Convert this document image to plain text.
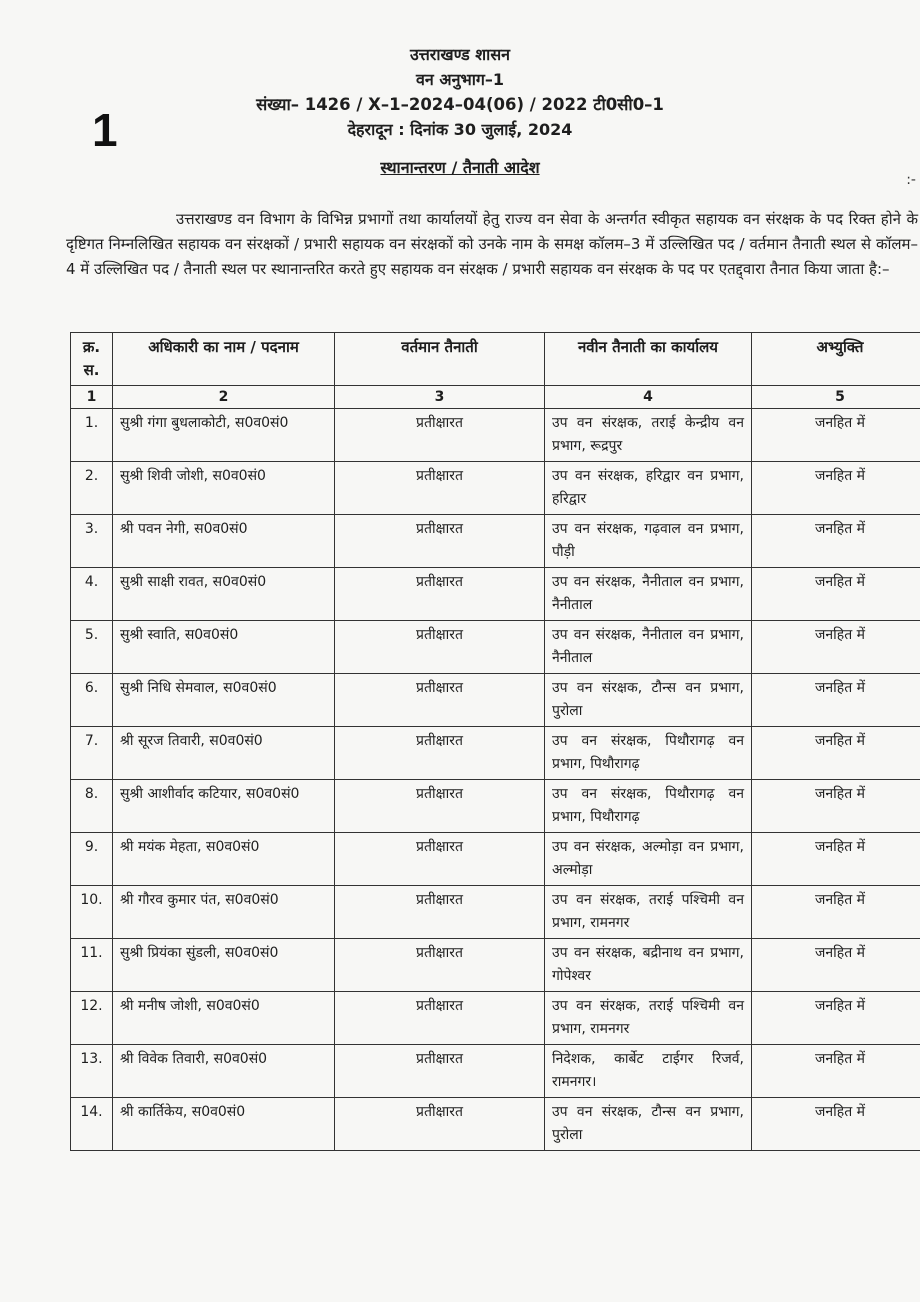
1
उत्तराखण्ड शासन
वन अनुभाग–1
संख्या– 1426 / X–1–2024–04(06) / 2022 टी0सी0–1
देहरादून : दिनांक 30 जुलाई, 2024
स्थानान्तरण / तैनाती आदेश
:-

उत्तराखण्ड वन विभाग के विभिन्न प्रभागों तथा कार्यालयों हेतु राज्य वन सेवा के अन्तर्गत स्वीकृत सहायक वन संरक्षक के पद रिक्त होने के दृष्टिगत निम्नलिखित सहायक वन संरक्षकों / प्रभारी सहायक वन संरक्षकों को उनके नाम के समक्ष कॉलम–3 में उल्लिखित पद / वर्तमान तैनाती स्थल से कॉलम–4 में उल्लिखित पद / तैनाती स्थल पर स्थानान्तरित करते हुए सहायक वन संरक्षक / प्रभारी सहायक वन संरक्षक के पद पर एतद्द्वारा तैनात किया जाता है:–

क्र. स.	अधिकारी का नाम / पदनाम	वर्तमान तैनाती	नवीन तैनाती का कार्यालय	अभ्युक्ति
1	2	3	4	5
1.	सुश्री गंगा बुधलाकोटी, स0व0सं0	प्रतीक्षारत	उप वन संरक्षक, तराई केन्द्रीय वन प्रभाग, रूद्रपुर	जनहित में
2.	सुश्री शिवी जोशी, स0व0सं0	प्रतीक्षारत	उप वन संरक्षक, हरिद्वार वन प्रभाग, हरिद्वार	जनहित में
3.	श्री पवन नेगी, स0व0सं0	प्रतीक्षारत	उप वन संरक्षक, गढ़वाल वन प्रभाग, पौड़ी	जनहित में
4.	सुश्री साक्षी रावत, स0व0सं0	प्रतीक्षारत	उप वन संरक्षक, नैनीताल वन प्रभाग, नैनीताल	जनहित में
5.	सुश्री स्वाति, स0व0सं0	प्रतीक्षारत	उप वन संरक्षक, नैनीताल वन प्रभाग, नैनीताल	जनहित में
6.	सुश्री निधि सेमवाल, स0व0सं0	प्रतीक्षारत	उप वन संरक्षक, टौन्स वन प्रभाग, पुरोला	जनहित में
7.	श्री सूरज तिवारी, स0व0सं0	प्रतीक्षारत	उप वन संरक्षक, पिथौरागढ़ वन प्रभाग, पिथौरागढ़	जनहित में
8.	सुश्री आशीर्वाद कटियार, स0व0सं0	प्रतीक्षारत	उप वन संरक्षक, पिथौरागढ़ वन प्रभाग, पिथौरागढ़	जनहित में
9.	श्री मयंक मेहता, स0व0सं0	प्रतीक्षारत	उप वन संरक्षक, अल्मोड़ा वन प्रभाग, अल्मोड़ा	जनहित में
10.	श्री गौरव कुमार पंत, स0व0सं0	प्रतीक्षारत	उप वन संरक्षक, तराई पश्चिमी वन प्रभाग, रामनगर	जनहित में
11.	सुश्री प्रियंका सुंडली, स0व0सं0	प्रतीक्षारत	उप वन संरक्षक, बद्रीनाथ वन प्रभाग, गोपेश्वर	जनहित में
12.	श्री मनीष जोशी, स0व0सं0	प्रतीक्षारत	उप वन संरक्षक, तराई पश्चिमी वन प्रभाग, रामनगर	जनहित में
13.	श्री विवेक तिवारी, स0व0सं0	प्रतीक्षारत	निदेशक, कार्बेट टाईगर रिजर्व, रामनगर।	जनहित में
14.	श्री कार्तिकेय, स0व0सं0	प्रतीक्षारत	उप वन संरक्षक, टौन्स वन प्रभाग, पुरोला	जनहित में
